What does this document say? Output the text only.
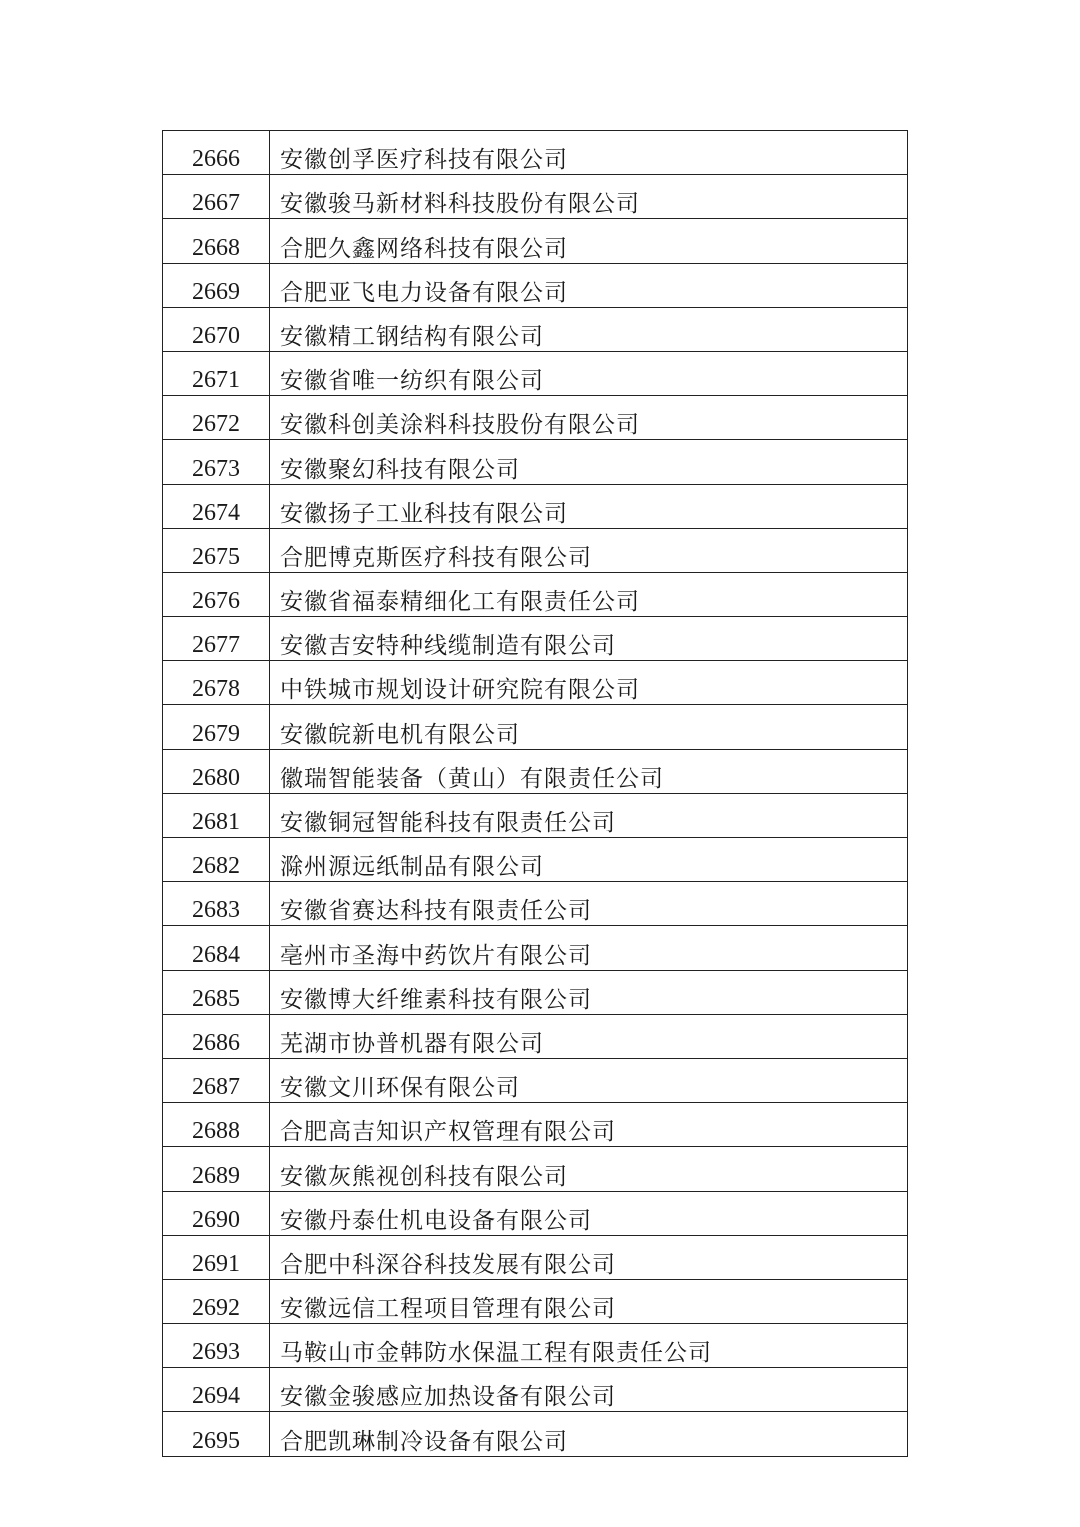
2666	安徽创孚医疗科技有限公司
2667	安徽骏马新材料科技股份有限公司
2668	合肥久鑫网络科技有限公司
2669	合肥亚飞电力设备有限公司
2670	安徽精工钢结构有限公司
2671	安徽省唯一纺织有限公司
2672	安徽科创美涂料科技股份有限公司
2673	安徽聚幻科技有限公司
2674	安徽扬子工业科技有限公司
2675	合肥博克斯医疗科技有限公司
2676	安徽省福泰精细化工有限责任公司
2677	安徽吉安特种线缆制造有限公司
2678	中铁城市规划设计研究院有限公司
2679	安徽皖新电机有限公司
2680	徽瑞智能装备（黄山）有限责任公司
2681	安徽铜冠智能科技有限责任公司
2682	滁州源远纸制品有限公司
2683	安徽省赛达科技有限责任公司
2684	亳州市圣海中药饮片有限公司
2685	安徽博大纤维素科技有限公司
2686	芜湖市协普机器有限公司
2687	安徽文川环保有限公司
2688	合肥高吉知识产权管理有限公司
2689	安徽灰熊视创科技有限公司
2690	安徽丹泰仕机电设备有限公司
2691	合肥中科深谷科技发展有限公司
2692	安徽远信工程项目管理有限公司
2693	马鞍山市金韩防水保温工程有限责任公司
2694	安徽金骏感应加热设备有限公司
2695	合肥凯琳制冷设备有限公司
